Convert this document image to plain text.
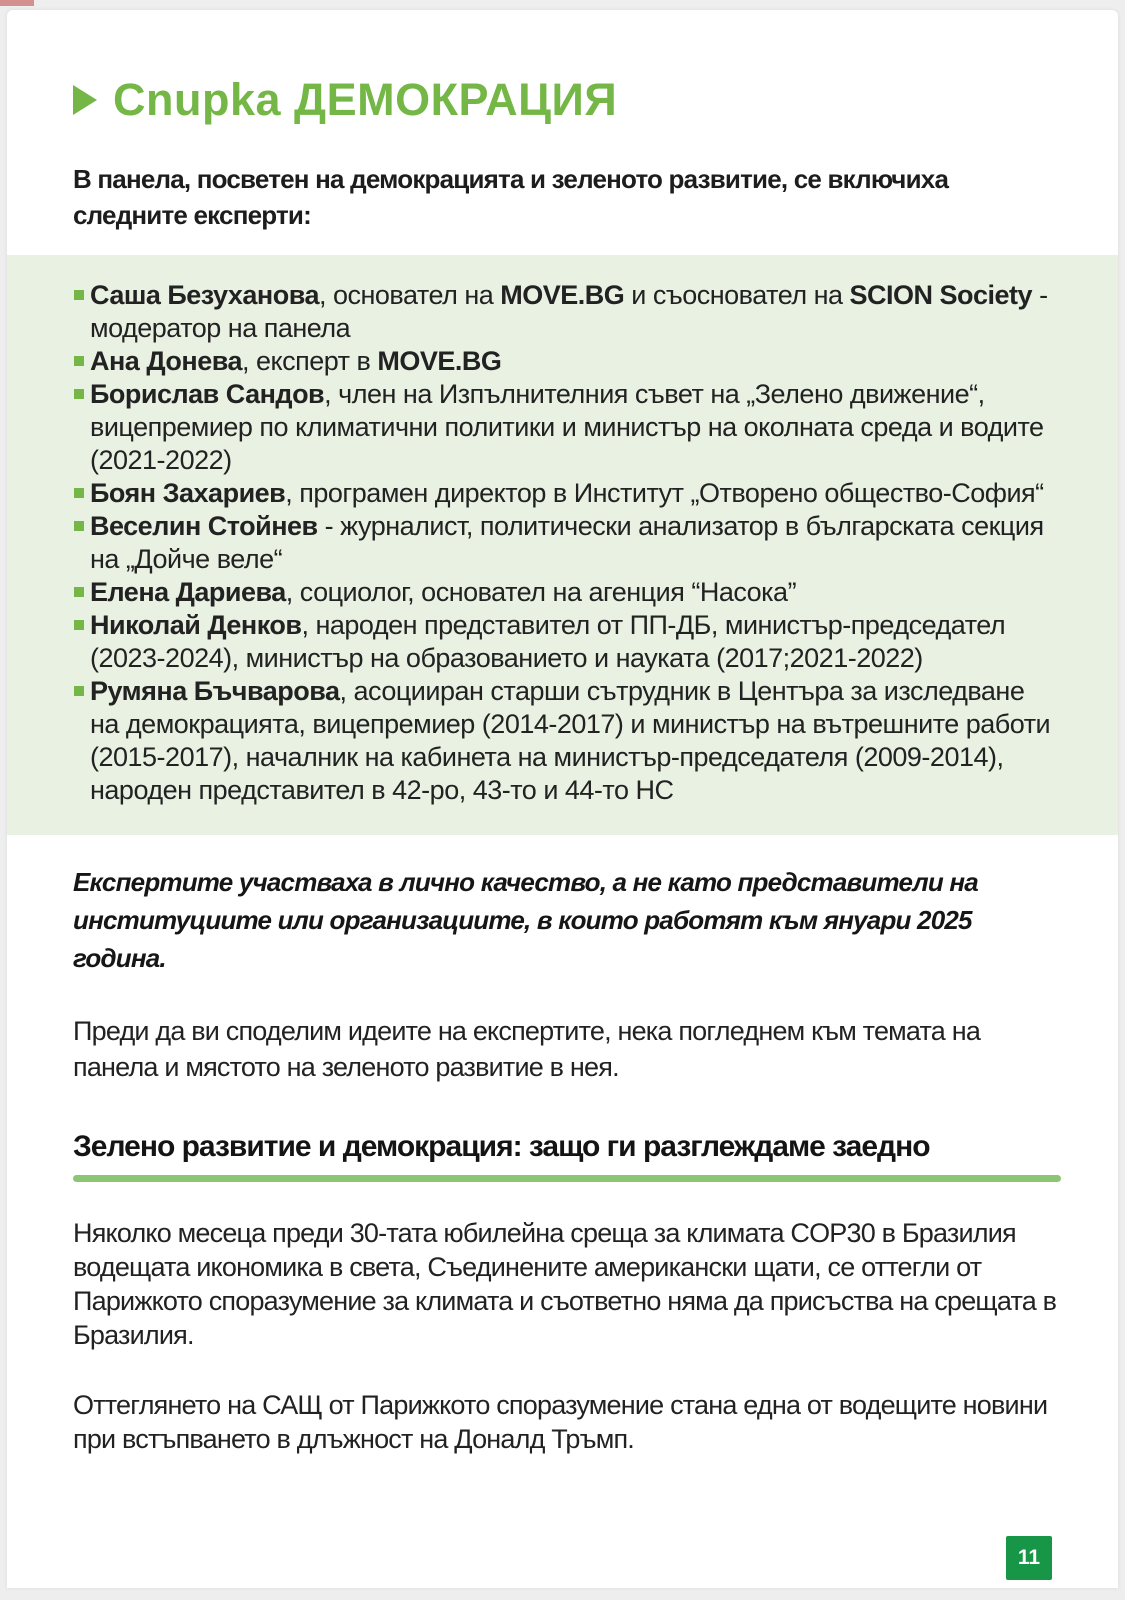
Cnupka ДЕМОКРАЦИЯ

В панела, посветен на демокрацията и зеленото развитие, се включиха следните експерти:

Саша Безуханова, основател на MOVE.BG и съосновател на SCION Society - модератор на панела
Ана Донева, експерт в MOVE.BG
Борислав Сандов, член на Изпълнителния съвет на „Зелено движение“, вицепремиер по климатични политики и министър на околната среда и водите (2021-2022)
Боян Захариев, програмен директор в Институт „Отворено общество-София“
Веселин Стойнев - журналист, политически анализатор в българската секция на „Дойче веле“
Елена Дариева, социолог, основател на агенция “Насока”
Николай Денков, народен представител от ПП-ДБ, министър-председател (2023-2024), министър на образованието и науката (2017;2021-2022)
Румяна Бъчварова, асоцииран старши сътрудник в Центъра за изследване на демокрацията, вицепремиер (2014-2017) и министър на вътрешните работи (2015-2017), началник на кабинета на министър-председателя (2009-2014), народен представител в 42-ро, 43-то и 44-то НС

Експертите участваха в лично качество, а не като представители на институциите или организациите, в които работят към януари 2025 година.

Преди да ви споделим идеите на експертите, нека погледнем към темата на панела и мястото на зеленото развитие в нея.

Зелено развитие и демокрация: защо ги разглеждаме заедно

Няколко месеца преди 30-тата юбилейна среща за климата COP30 в Бразилия водещата икономика в света, Съединените американски щати, се оттегли от Парижкото споразумение за климата и съответно няма да присъства на срещата в Бразилия.

Оттеглянето на САЩ от Парижкото споразумение стана една от водещите новини при встъпването в длъжност на Доналд Тръмп.

11
